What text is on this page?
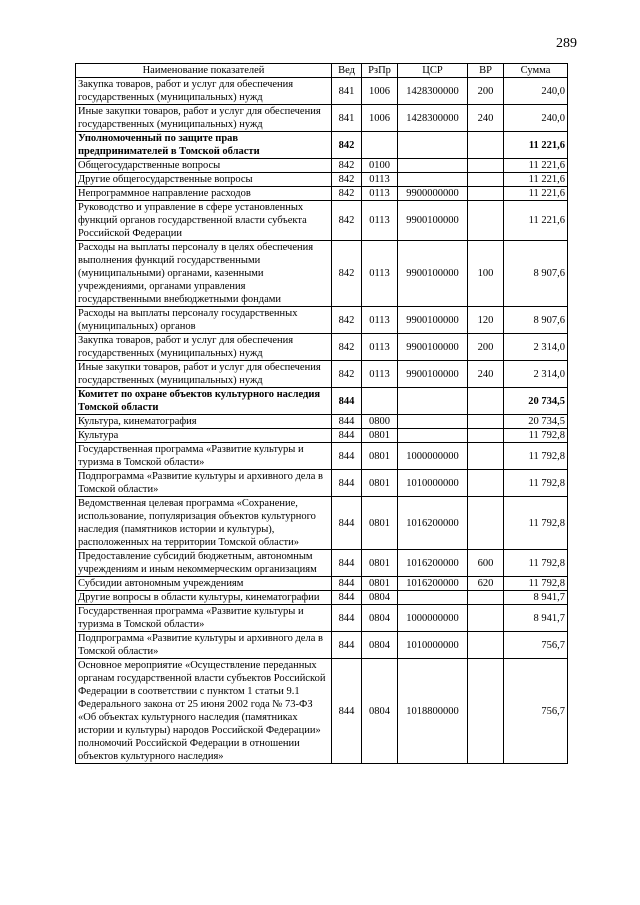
289
Наименование показателей	Вед	РзПр	ЦСР	ВР	Сумма
Закупка товаров, работ и услуг для обеспечения государственных (муниципальных) нужд	841	1006	1428300000	200	240,0
Иные закупки товаров, работ и услуг для обеспечения государственных (муниципальных) нужд	841	1006	1428300000	240	240,0
Уполномоченный по защите прав предпринимателей в Томской области	842				11 221,6
Общегосударственные вопросы	842	0100			11 221,6
Другие общегосударственные вопросы	842	0113			11 221,6
Непрограммное направление расходов	842	0113	9900000000		11 221,6
Руководство и управление в сфере установленных функций органов государственной власти субъекта Российской Федерации	842	0113	9900100000		11 221,6
Расходы на выплаты персоналу в целях обеспечения выполнения функций государственными (муниципальными) органами, казенными учреждениями, органами управления государственными внебюджетными фондами	842	0113	9900100000	100	8 907,6
Расходы на выплаты персоналу государственных (муниципальных) органов	842	0113	9900100000	120	8 907,6
Закупка товаров, работ и услуг для обеспечения государственных (муниципальных) нужд	842	0113	9900100000	200	2 314,0
Иные закупки товаров, работ и услуг для обеспечения государственных (муниципальных) нужд	842	0113	9900100000	240	2 314,0
Комитет по охране объектов культурного наследия Томской области	844				20 734,5
Культура, кинематография	844	0800			20 734,5
Культура	844	0801			11 792,8
Государственная программа «Развитие культуры и туризма в Томской области»	844	0801	1000000000		11 792,8
Подпрограмма «Развитие культуры и архивного дела в Томской области»	844	0801	1010000000		11 792,8
Ведомственная целевая программа «Сохранение, использование, популяризация объектов культурного наследия (памятников истории и культуры), расположенных на территории Томской области»	844	0801	1016200000		11 792,8
Предоставление субсидий бюджетным, автономным учреждениям и иным некоммерческим организациям	844	0801	1016200000	600	11 792,8
Субсидии автономным учреждениям	844	0801	1016200000	620	11 792,8
Другие вопросы в области культуры, кинематографии	844	0804			8 941,7
Государственная программа «Развитие культуры и туризма в Томской области»	844	0804	1000000000		8 941,7
Подпрограмма «Развитие культуры и архивного дела в Томской области»	844	0804	1010000000		756,7
Основное мероприятие «Осуществление переданных органам государственной власти субъектов Российской Федерации в соответствии с пунктом 1 статьи 9.1 Федерального закона от 25 июня 2002 года № 73-ФЗ «Об объектах культурного наследия (памятниках истории и культуры) народов Российской Федерации» полномочий Российской Федерации в отношении объектов культурного наследия»	844	0804	1018800000		756,7
